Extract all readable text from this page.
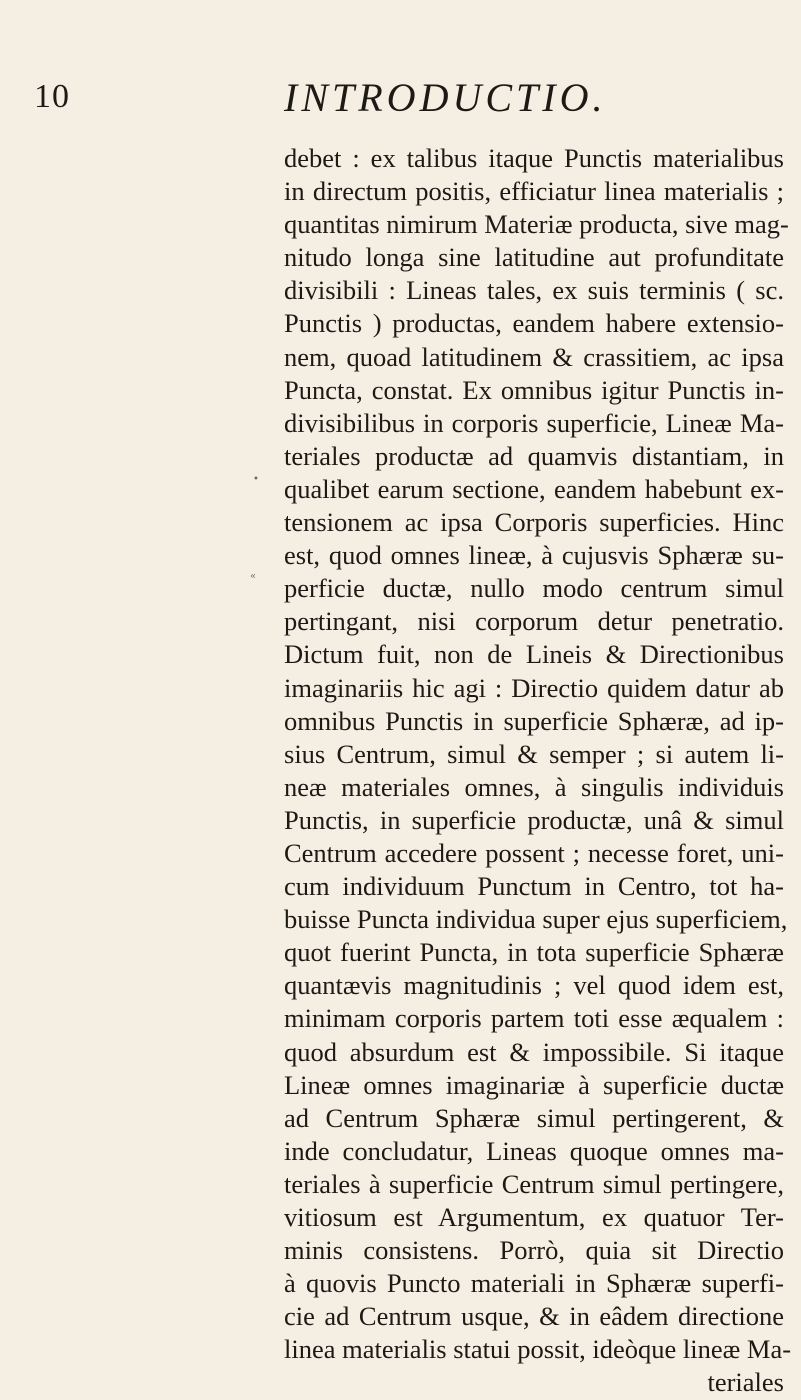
10	INTRODUCTIO.
•
«
debet : ex talibus itaque Punctis materialibus
in directum positis, efficiatur linea materialis ;
quantitas nimirum Materiæ producta, sive mag-
nitudo longa sine latitudine aut profunditate
divisibili : Lineas tales, ex suis terminis ( sc.
Punctis ) productas, eandem habere extensio-
nem, quoad latitudinem & crassitiem, ac ipsa
Puncta, constat. Ex omnibus igitur Punctis in-
divisibilibus in corporis superficie, Lineæ Ma-
teriales productæ ad quamvis distantiam, in
qualibet earum sectione, eandem habebunt ex-
tensionem ac ipsa Corporis superficies. Hinc
est, quod omnes lineæ, à cujusvis Sphæræ su-
perficie ductæ, nullo modo centrum simul
pertingant, nisi corporum detur penetratio.
Dictum fuit, non de Lineis & Directionibus
imaginariis hic agi : Directio quidem datur ab
omnibus Punctis in superficie Sphæræ, ad ip-
sius Centrum, simul & semper ; si autem li-
neæ materiales omnes, à singulis individuis
Punctis, in superficie productæ, unâ & simul
Centrum accedere possent ; necesse foret, uni-
cum individuum Punctum in Centro, tot ha-
buisse Puncta individua super ejus superficiem,
quot fuerint Puncta, in tota superficie Sphæræ
quantævis magnitudinis ; vel quod idem est,
minimam corporis partem toti esse æqualem :
quod absurdum est & impossibile. Si itaque
Lineæ omnes imaginariæ à superficie ductæ
ad Centrum Sphæræ simul pertingerent, &
inde concludatur, Lineas quoque omnes ma-
teriales à superficie Centrum simul pertingere,
vitiosum est Argumentum, ex quatuor Ter-
minis consistens. Porrò, quia sit Directio
à quovis Puncto materiali in Sphæræ superfi-
cie ad Centrum usque, & in eâdem directione
linea materialis statui possit, ideòque lineæ Ma-
teriales
